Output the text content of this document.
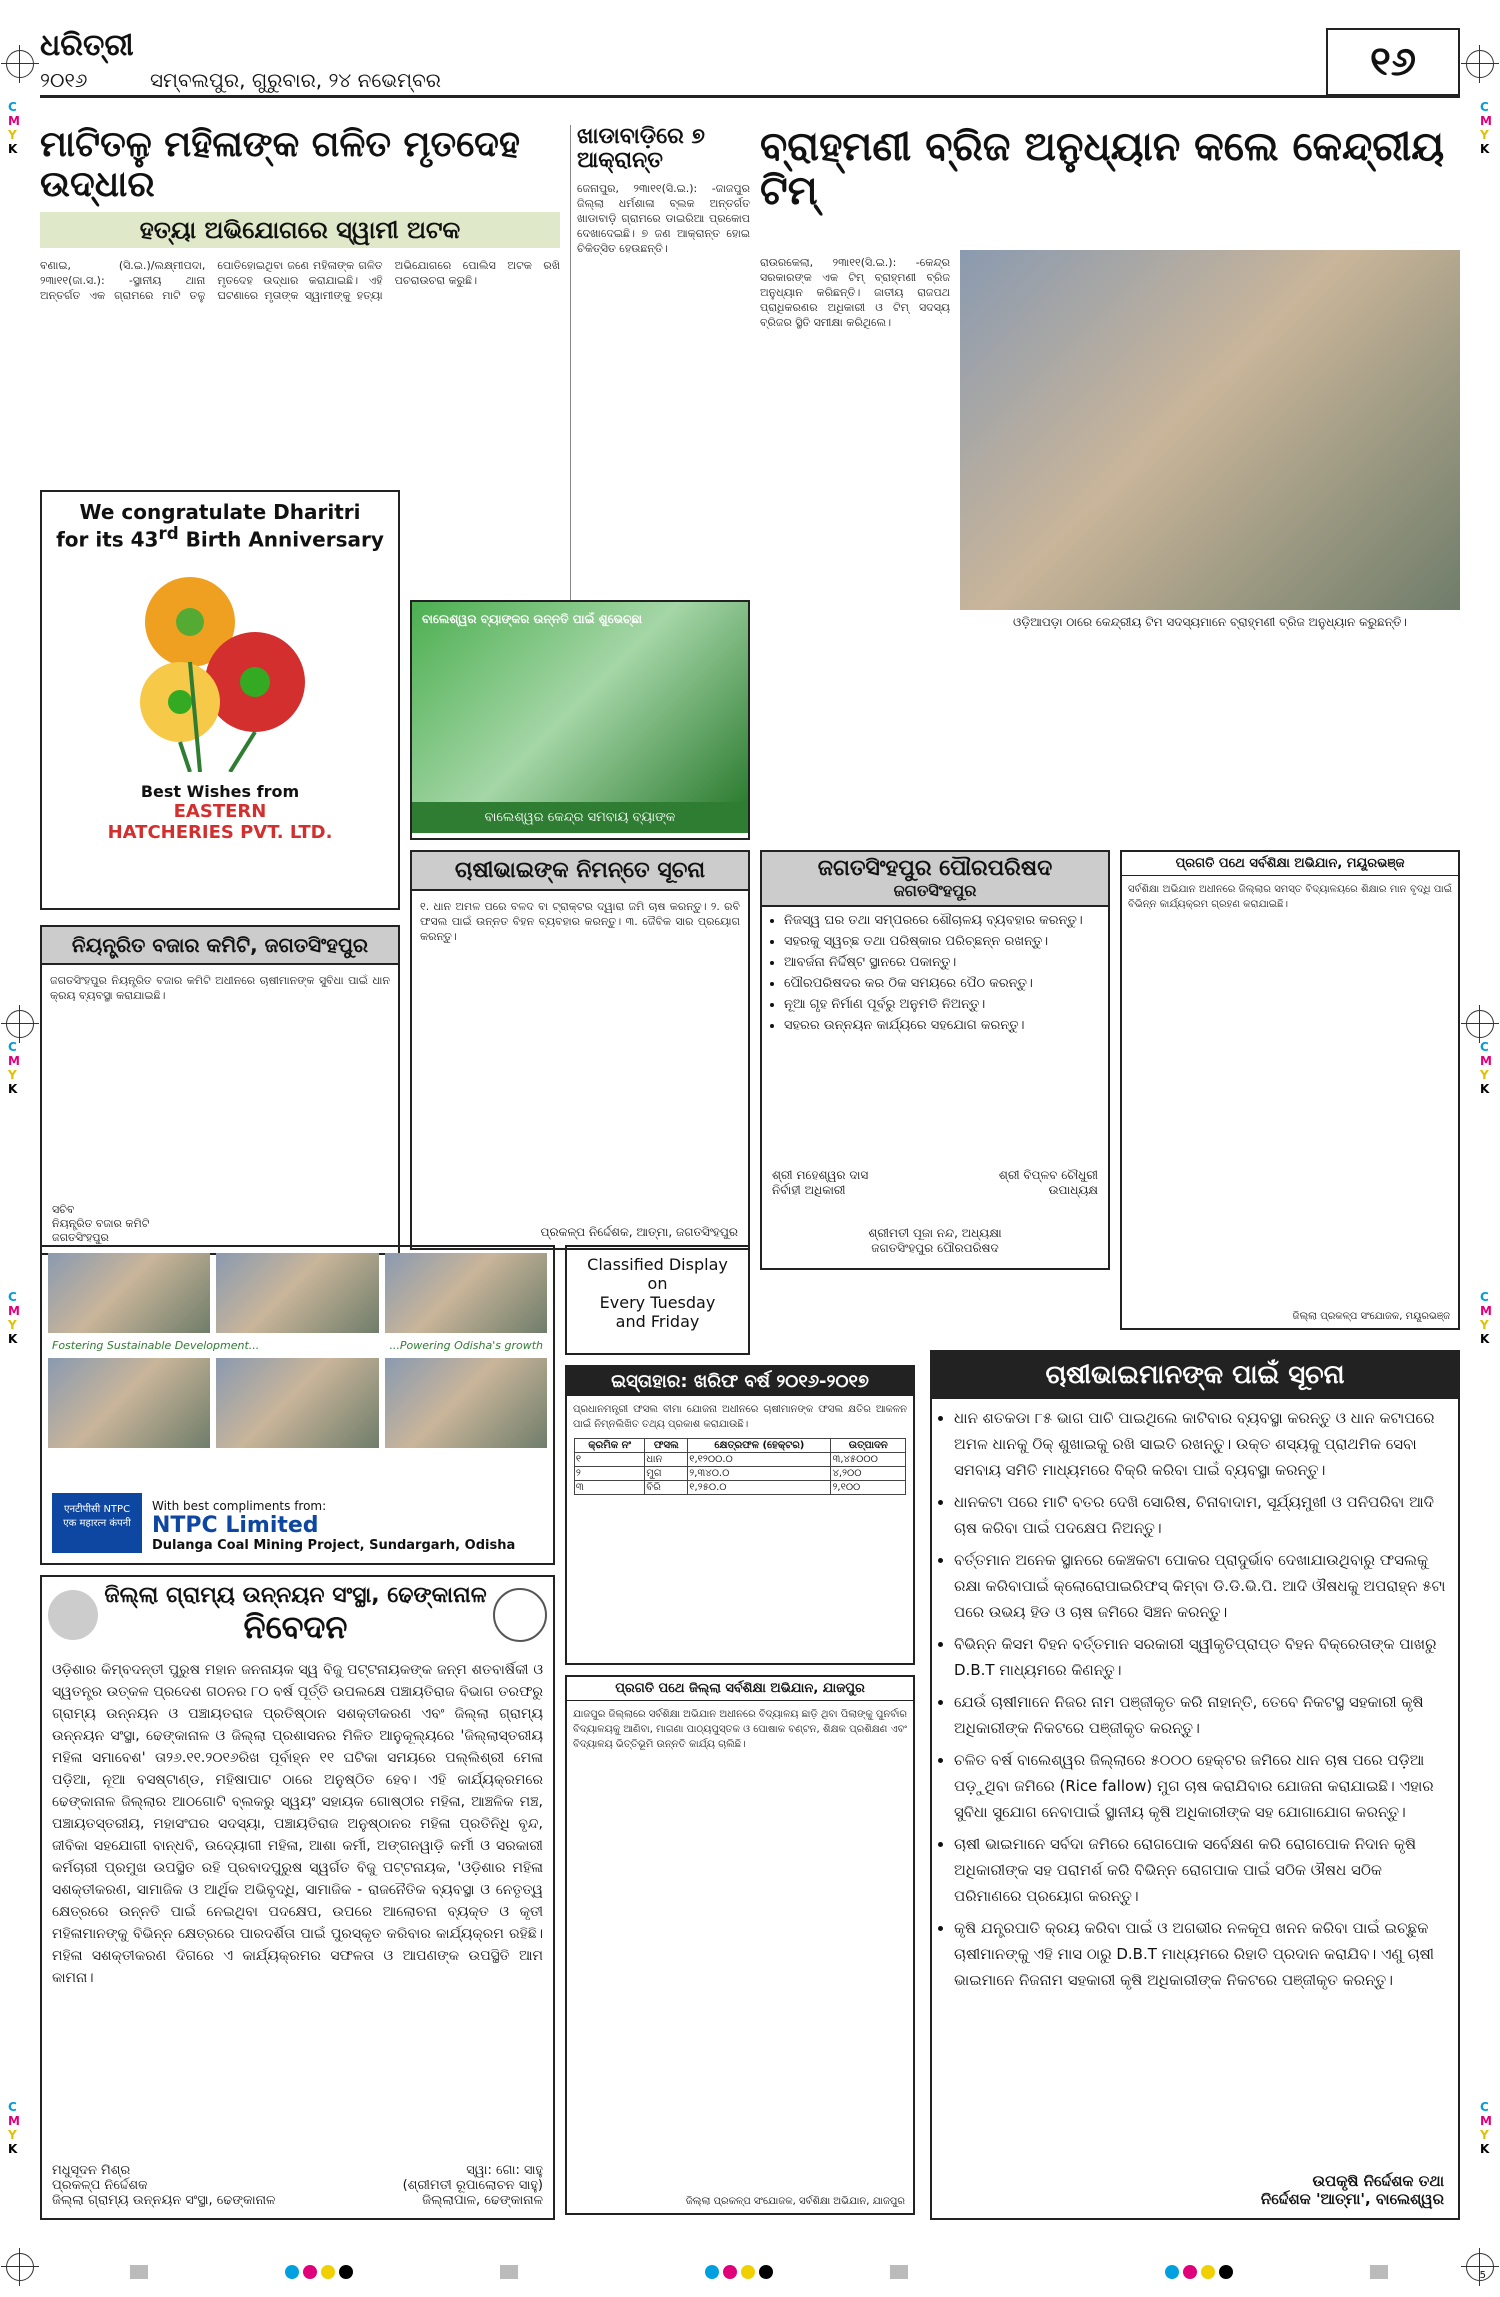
C
M
Y
K
C
M
Y
K
C
M
Y
K
C
M
Y
K
C
M
Y
K
C
M
Y
K
C
M
Y
K
C
M
Y
K
ଧରିତ୍ରୀ
୨୦୧୬	ସମ୍ବଲପୁର, ଗୁରୁବାର, ୨୪ ନଭେମ୍ବର	୧୬
ମାଟିତଳୁ ମହିଳାଙ୍କ ଗଳିତ ମୃତଦେହ ଉଦ୍ଧାର
ହତ୍ୟା ଅଭିଯୋଗରେ ସ୍ୱାମୀ ଅଟକ
ବଣାଇ, (ସି.ଇ.)/ଲକ୍ଷ୍ମୀପଦା, ୨୩ା୧୧(ଜା.ସ.): -ସ୍ଥାନୀୟ ଥାନା ଅନ୍ତର୍ଗତ ଏକ ଗ୍ରାମରେ ମାଟି ତଳୁ ପୋତିହୋଇଥିବା ଜଣେ ମହିଳାଙ୍କ ଗଳିତ ମୃତଦେହ ଉଦ୍ଧାର କରାଯାଇଛି। ଏହି ଘଟଣାରେ ମୃତାଙ୍କ ସ୍ୱାମୀଙ୍କୁ ହତ୍ୟା ଅଭିଯୋଗରେ ପୋଲିସ ଅଟକ ରଖି ପଚରାଉଚରା କରୁଛି।
ଖାଡାବାଡ଼ିରେ ୭ ଆକ୍ରାନ୍ତ
ଜେନାପୁର, ୨୩ା୧୧(ସି.ଇ.): -ଜାଜପୁର ଜିଲ୍ଲା ଧର୍ମଶାଳା ବ୍ଲକ ଅନ୍ତର୍ଗତ ଖାଡାବାଡ଼ି ଗ୍ରାମରେ ଡାଇରିଆ ପ୍ରକୋପ ଦେଖାଦେଇଛି। ୭ ଜଣ ଆକ୍ରାନ୍ତ ହୋଇ ଚିକିତ୍ସିତ ହେଉଛନ୍ତି।
ବ୍ରାହ୍ମଣୀ ବ୍ରିଜ ଅନୁଧ୍ୟାନ କଲେ କେନ୍ଦ୍ରୀୟ ଟିମ୍
ରାଉରକେଲା, ୨୩ା୧୧(ସି.ଇ.): -କେନ୍ଦ୍ର ସରକାରଙ୍କ ଏକ ଟିମ୍ ବ୍ରାହ୍ମଣୀ ବ୍ରିଜ ଅନୁଧ୍ୟାନ କରିଛନ୍ତି। ଜାତୀୟ ରାଜପଥ ପ୍ରାଧିକରଣର ଅଧିକାରୀ ଓ ଟିମ୍ ସଦସ୍ୟ ବ୍ରିଜର ସ୍ଥିତି ସମୀକ୍ଷା କରିଥିଲେ।
ଓଡ଼ିଆପଡ଼ା ଠାରେ କେନ୍ଦ୍ରୀୟ ଟିମ ସଦସ୍ୟମାନେ ବ୍ରାହ୍ମଣୀ ବ୍ରିଜ ଅନୁଧ୍ୟାନ କରୁଛନ୍ତି।
We congratulate Dharitri
for its 43rd Birth Anniversary
Best Wishes from
EASTERN
HATCHERIES PVT. LTD.
ବାଲେଶ୍ୱର ବ୍ୟାଙ୍କର ଉନ୍ନତି ପାଇଁ ଶୁଭେଚ୍ଛା
ବାଲେଶ୍ୱର କେନ୍ଦ୍ର ସମବାୟ ବ୍ୟାଙ୍କ
ଚାଷୀଭାଇଙ୍କ ନିମନ୍ତେ ସୂଚନା
୧. ଧାନ ଅମଳ ପରେ ବଳଦ ବା ଟ୍ରାକ୍ଟର ଦ୍ୱାରା ଜମି ଚାଷ କରନ୍ତୁ। ୨. ରବି ଫସଲ ପାଇଁ ଉନ୍ନତ ବିହନ ବ୍ୟବହାର କରନ୍ତୁ। ୩. ଜୈବିକ ସାର ପ୍ରୟୋଗ କରନ୍ତୁ।
ପ୍ରକଳ୍ପ ନିର୍ଦ୍ଦେଶକ, ଆତ୍ମା, ଜଗତସିଂହପୁର
ନିୟନ୍ତ୍ରିତ ବଜାର କମିଟି, ଜଗତସିଂହପୁର
ଜଗତସିଂହପୁର ନିୟନ୍ତ୍ରିତ ବଜାର କମିଟି ଅଧୀନରେ ଚାଷୀମାନଙ୍କ ସୁବିଧା ପାଇଁ ଧାନ କ୍ରୟ ବ୍ୟବସ୍ଥା କରାଯାଇଛି।
ସଚିବ
ନିୟନ୍ତ୍ରିତ ବଜାର କମିଟି
ଜଗତସିଂହପୁର
ଜଗତସିଂହପୁର ପୌରପରିଷଦ
ଜଗତସିଂହପୁର
• ନିଜସ୍ୱ ଘର ତଥା ସମ୍ପରରେ ଶୌଚାଳୟ ବ୍ୟବହାର କରନ୍ତୁ।
• ସହରକୁ ସ୍ୱଚ୍ଛ ତଥା ପରିଷ୍କାର ପରିଚ୍ଛନ୍ନ ରଖନ୍ତୁ।
• ଆବର୍ଜନା ନିର୍ଦ୍ଦିଷ୍ଟ ସ୍ଥାନରେ ପକାନ୍ତୁ।
• ପୌରପରିଷଦର କର ଠିକ ସମୟରେ ପୈଠ କରନ୍ତୁ।
• ନୂଆ ଗୃହ ନିର୍ମାଣ ପୂର୍ବରୁ ଅନୁମତି ନିଅନ୍ତୁ।
• ସହରର ଉନ୍ନୟନ କାର୍ଯ୍ୟରେ ସହଯୋଗ କରନ୍ତୁ।
ଶ୍ରୀ ମହେଶ୍ୱର ଦାସ
ନିର୍ବାହୀ ଅଧିକାରୀ
ଶ୍ରୀ ବିପ୍ଳବ ଚୌଧୁରୀ
ଉପାଧ୍ୟକ୍ଷ
ଶ୍ରୀମତୀ ପୂଜା ନନ୍ଦ, ଅଧ୍ୟକ୍ଷା
ଜଗତସିଂହପୁର ପୌରପରିଷଦ
ପ୍ରଗତି ପଥେ ସର୍ବଶିକ୍ଷା ଅଭିଯାନ, ମୟୂରଭଞ୍ଜ
ସର୍ବଶିକ୍ଷା ଅଭିଯାନ ଅଧୀନରେ ଜିଲ୍ଲାର ସମସ୍ତ ବିଦ୍ୟାଳୟରେ ଶିକ୍ଷାର ମାନ ବୃଦ୍ଧି ପାଇଁ ବିଭିନ୍ନ କାର୍ଯ୍ୟକ୍ରମ ଗ୍ରହଣ କରାଯାଇଛି।
ଜିଲ୍ଲା ପ୍ରକଳ୍ପ ସଂଯୋଜକ, ମୟୂରଭଞ୍ଜ
Fostering Sustainable Development...	...Powering Odisha's growth
एनटीपीसी NTPC
एक महारत्न कंपनी
With best compliments from:
NTPC Limited
Dulanga Coal Mining Project, Sundargarh, Odisha
Classified Display
on
Every Tuesday
and Friday
ଇସ୍ତାହାର: ଖରିଫ ବର୍ଷ ୨୦୧୬-୨୦୧୭
ପ୍ରଧାନମନ୍ତ୍ରୀ ଫସଲ ବୀମା ଯୋଜନା ଅଧୀନରେ ଚାଷୀମାନଙ୍କ ଫସଲ କ୍ଷତିର ଆକଳନ ପାଇଁ ନିମ୍ନଲିଖିତ ତଥ୍ୟ ପ୍ରକାଶ କରାଯାଉଛି।
କ୍ରମିକ ନଂ	ଫସଲ	କ୍ଷେତ୍ରଫଳ (ହେକ୍ଟର)	ଉତ୍ପାଦନ
୧	ଧାନ	୧,୧୨୦୦.୦	୩,୪୫୦୦୦
୨	ମୁଗ	୨,୩୪୦.୦	୪,୨୦୦
୩	ବିରି	୧,୨୫୦.୦	୨,୧୦୦
ପ୍ରଗତି ପଥେ ଜିଲ୍ଲା ସର୍ବଶିକ୍ଷା ଅଭିଯାନ, ଯାଜପୁର
ଯାଜପୁର ଜିଲ୍ଲାରେ ସର୍ବଶିକ୍ଷା ଅଭିଯାନ ଅଧୀନରେ ବିଦ୍ୟାଳୟ ଛାଡ଼ି ଥିବା ପିଲାଙ୍କୁ ପୁନର୍ବାର ବିଦ୍ୟାଳୟକୁ ଆଣିବା, ମାଗଣା ପାଠ୍ୟପୁସ୍ତକ ଓ ପୋଷାକ ବଣ୍ଟନ, ଶିକ୍ଷକ ପ୍ରଶିକ୍ଷଣ ଏବଂ ବିଦ୍ୟାଳୟ ଭିତ୍ତିଭୂମି ଉନ୍ନତି କାର୍ଯ୍ୟ ଚାଲିଛି।
ଜିଲ୍ଲା ପ୍ରକଳ୍ପ ସଂଯୋଜକ, ସର୍ବଶିକ୍ଷା ଅଭିଯାନ, ଯାଜପୁର
ଚାଷୀଭାଇମାନଙ୍କ ପାଇଁ ସୂଚନା
• ଧାନ ଶତକଡା ୮୫ ଭାଗ ପାଚି ପାଇଥିଲେ କାଟିବାର ବ୍ୟବସ୍ଥା କରନ୍ତୁ ଓ ଧାନ କଟାପରେ ଅମଳ ଧାନକୁ ଠିକ୍ ଶୁଖାଇକୁ ରଖି ସାଇତି ରଖନ୍ତୁ। ଉକ୍ତ ଶସ୍ୟକୁ ପ୍ରାଥମିକ ସେବା ସମବାୟ ସମିତି ମାଧ୍ୟମରେ ବିକ୍ରି କରିବା ପାଇଁ ବ୍ୟବସ୍ଥା କରନ୍ତୁ।
• ଧାନକଟା ପରେ ମାଟି ବତର ଦେଖି ସୋରିଷ, ଚିନାବାଦାମ, ସୂର୍ଯ୍ୟମୁଖୀ ଓ ପନିପରିବା ଆଦି ଚାଷ କରିବା ପାଇଁ ପଦକ୍ଷେପ ନିଅନ୍ତୁ।
• ବର୍ତ୍ତମାନ ଅନେକ ସ୍ଥାନରେ କେଞ୍ଚକଟା ପୋକର ପ୍ରାଦୁର୍ଭାବ ଦେଖାଯାଉଥିବାରୁ ଫସଲକୁ ରକ୍ଷା କରିବାପାଇଁ କ୍ଲୋରୋପାଇରିଫସ୍ କିମ୍ବା ଡି.ଡି.ଭି.ପି. ଆଦି ଔଷଧକୁ ଅପରାହ୍ନ ୫ଟା ପରେ ଉଭୟ ହିଡ ଓ ଚାଷ ଜମିରେ ସିଞ୍ଚନ କରନ୍ତୁ।
• ବିଭିନ୍ନ କିସମ ବିହନ ବର୍ତ୍ତମାନ ସରକାରୀ ସ୍ୱୀକୃତିପ୍ରାପ୍ତ ବିହନ ବିକ୍ରେତାଙ୍କ ପାଖରୁ D.B.T ମାଧ୍ୟମରେ କିଣନ୍ତୁ।
• ଯେଉଁ ଚାଷୀମାନେ ନିଜର ନାମ ପଞ୍ଜୀକୃତ କରି ନାହାନ୍ତି, ତେବେ ନିକଟସ୍ଥ ସହକାରୀ କୃଷି ଅଧିକାରୀଙ୍କ ନିକଟରେ ପଞ୍ଜୀକୃତ କରନ୍ତୁ।
• ଚଳିତ ବର୍ଷ ବାଲେଶ୍ୱର ଜିଲ୍ଲାରେ ୫୦୦୦ ହେକ୍ଟର ଜମିରେ ଧାନ ଚାଷ ପରେ ପଡ଼ିଆ ପଡ଼ୁଥିବା ଜମିରେ (Rice fallow) ମୁଗ ଚାଷ କରାଯିବାର ଯୋଜନା କରାଯାଇଛି। ଏହାର ସୁବିଧା ସୁଯୋଗ ନେବାପାଇଁ ସ୍ଥାନୀୟ କୃଷି ଅଧିକାରୀଙ୍କ ସହ ଯୋଗାଯୋଗ କରନ୍ତୁ।
• ଚାଷୀ ଭାଇମାନେ ସର୍ବଦା ଜମିରେ ରୋଗପୋକ ସର୍ବେକ୍ଷଣ କରି ରୋଗପୋକ ନିଦାନ କୃଷି ଅଧିକାରୀଙ୍କ ସହ ପରାମର୍ଶ କରି ବିଭିନ୍ନ ରୋଗପାକ ପାଇଁ ସଠିକ ଔଷଧ ସଠିକ ପରିମାଣରେ ପ୍ରୟୋଗ କରନ୍ତୁ।
• କୃଷି ଯନ୍ତ୍ରପାତି କ୍ରୟ କରିବା ପାଇଁ ଓ ଅଗଭୀର ନଳକୂପ ଖନନ କରିବା ପାଇଁ ଇଚ୍ଛୁକ ଚାଷୀମାନଙ୍କୁ ଏହି ମାସ ଠାରୁ D.B.T ମାଧ୍ୟମରେ ରିହାତି ପ୍ରଦାନ କରାଯିବ। ଏଣୁ ଚାଷୀ ଭାଇମାନେ ନିଜନାମ ସହକାରୀ କୃଷି ଅଧିକାରୀଙ୍କ ନିକଟରେ ପଞ୍ଜୀକୃତ କରନ୍ତୁ।
ଉପକୃଷି ନିର୍ଦ୍ଦେଶକ ତଥା
ନିର୍ଦ୍ଦେଶକ 'ଆତ୍ମା', ବାଲେଶ୍ୱର
ଜିଲ୍ଲା ଗ୍ରାମ୍ୟ ଉନ୍ନୟନ ସଂସ୍ଥା, ଢେଙ୍କାନାଳ
ନିବେଦନ
ଓଡ଼ିଶାର କିମ୍ବଦନ୍ତୀ ପୁରୁଷ ମହାନ ଜନନାୟକ ସ୍ୱ ବିଜୁ ପଟ୍ଟନାୟକଙ୍କ ଜନ୍ମ ଶତବାର୍ଷିକୀ ଓ ସ୍ୱତନ୍ତ୍ର ଉତ୍କଳ ପ୍ରଦେଶ ଗଠନର ୮୦ ବର୍ଷ ପୂର୍ତ୍ତି ଉପଲକ୍ଷେ ପଞ୍ଚାୟତିରାଜ ବିଭାଗ ତରଫରୁ ଗ୍ରାମ୍ୟ ଉନ୍ନୟନ ଓ ପଞ୍ଚାୟତରାଜ ପ୍ରତିଷ୍ଠାନ ସଶକ୍ତୀକରଣ ଏବଂ ଜିଲ୍ଲା ଗ୍ରାମ୍ୟ ଉନ୍ନୟନ ସଂସ୍ଥା, ଢେଙ୍କାନାଳ ଓ ଜିଲ୍ଲା ପ୍ରଶାସନର ମିଳିତ ଆନୁକୂଲ୍ୟରେ 'ଜିଲ୍ଲାସ୍ତରୀୟ ମହିଳା ସମାବେଶ' ତା୨୬.୧୧.୨୦୧୬ରିଖ ପୂର୍ବାହ୍ନ ୧୧ ଘଟିକା ସମୟରେ ପଲ୍ଲିଶ୍ରୀ ମେଳା ପଡ଼ିଆ, ନୂଆ ବସଷ୍ଟାଣ୍ଡ, ମହିଷାପାଟ ଠାରେ ଅନୁଷ୍ଠିତ ହେବ। ଏହି କାର୍ଯ୍ୟକ୍ରମରେ ଢେଙ୍କାନାଳ ଜିଲ୍ଲାର ଆଠଗୋଟି ବ୍ଲକରୁ ସ୍ୱୟଂ ସହାୟକ ଗୋଷ୍ଠୀର ମହିଳା, ଆଞ୍ଚଳିକ ମଞ୍ଚ, ପଞ୍ଚାୟତସ୍ତରୀୟ, ମହାସଂଘର ସଦସ୍ୟା, ପଞ୍ଚାୟତିରାଜ ଅନୁଷ୍ଠାନର ମହିଳା ପ୍ରତିନିଧି ବୃନ୍ଦ, ଜୀବିକା ସହଯୋଗୀ ବାନ୍ଧବି, ଉଦ୍ୟୋଗୀ ମହିଳା, ଆଶା କର୍ମୀ, ଅଙ୍ଗନୱାଡ଼ି କର୍ମୀ ଓ ସରକାରୀ କର୍ମଚାରୀ ପ୍ରମୁଖ ଉପସ୍ଥିତ ରହି ପ୍ରବାଦପୁରୁଷ ସ୍ୱର୍ଗତ ବିଜୁ ପଟ୍ଟନାୟକ, 'ଓଡ଼ିଶାର ମହିଳା ସଶକ୍ତୀକରଣ, ସାମାଜିକ ଓ ଆର୍ଥିକ ଅଭିବୃଦ୍ଧି, ସାମାଜିକ - ରାଜନୈତିକ ବ୍ୟବସ୍ଥା ଓ ନେତୃତ୍ୱ କ୍ଷେତ୍ରରେ ଉନ୍ନତି ପାଇଁ ନେଇଥିବା ପଦକ୍ଷେପ, ଉପରେ ଆଲୋଚନା ବ୍ୟକ୍ତ ଓ କୃତୀ ମହିଳାମାନଙ୍କୁ ବିଭିନ୍ନ କ୍ଷେତ୍ରରେ ପାରଦର୍ଶିତା ପାଇଁ ପୁରସ୍କୃତ କରିବାର କାର୍ଯ୍ୟକ୍ରମ ରହିଛି। ମହିଳା ସଶକ୍ତୀକରଣ ଦିଗରେ ଏ କାର୍ଯ୍ୟକ୍ରମର ସଫଳତା ଓ ଆପଣଙ୍କ ଉପସ୍ଥିତି ଆମ କାମନା।
ମଧୁସୂଦନ ମିଶ୍ର
ପ୍ରକଳ୍ପ ନିର୍ଦ୍ଦେଶକ
ଜିଲ୍ଲା ଗ୍ରାମ୍ୟ ଉନ୍ନୟନ ସଂସ୍ଥା, ଢେଙ୍କାନାଳ
ସ୍ୱା: ଗୋ: ସାହୁ
(ଶ୍ରୀମତୀ ରୂପାଲୋଚନ ସାହୁ)
ଜିଲ୍ଲାପାଳ, ଢେଙ୍କାନାଳ
5
